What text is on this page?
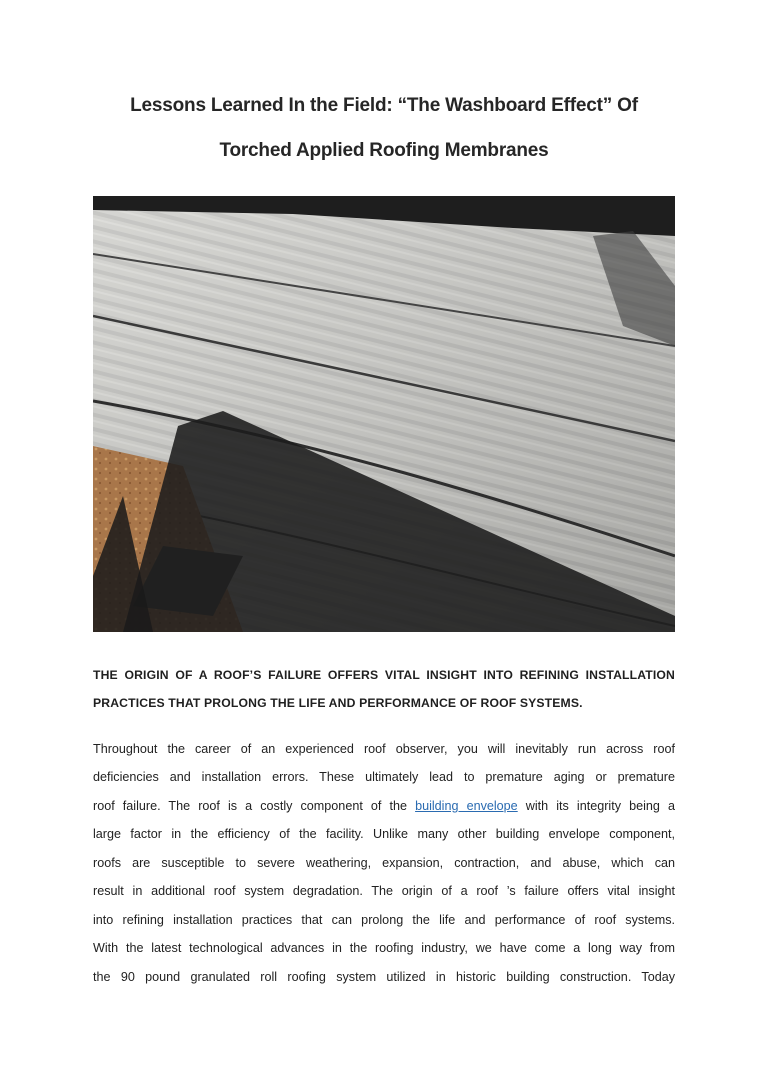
Lessons Learned In the Field: “The Washboard Effect” Of
Torched Applied Roofing Membranes
THE ORIGIN OF A ROOF’S FAILURE OFFERS VITAL INSIGHT INTO REFINING INSTALLATION
PRACTICES THAT PROLONG THE LIFE AND PERFORMANCE OF ROOF SYSTEMS.
Throughout the career of an experienced roof observer, you will inevitably run across roof
deficiencies and installation errors. These ultimately lead to premature aging or premature
roof failure. The roof is a costly component of the building envelope with its integrity being a
large factor in the efficiency of the facility. Unlike many other building envelope component,
roofs are susceptible to severe weathering, expansion, contraction, and abuse, which can
result in additional roof system degradation. The origin of a roof ’s failure offers vital insight
into refining installation practices that can prolong the life and performance of roof systems.
With the latest technological advances in the roofing industry, we have come a long way from
the 90 pound granulated roll roofing system utilized in historic building construction. Today
